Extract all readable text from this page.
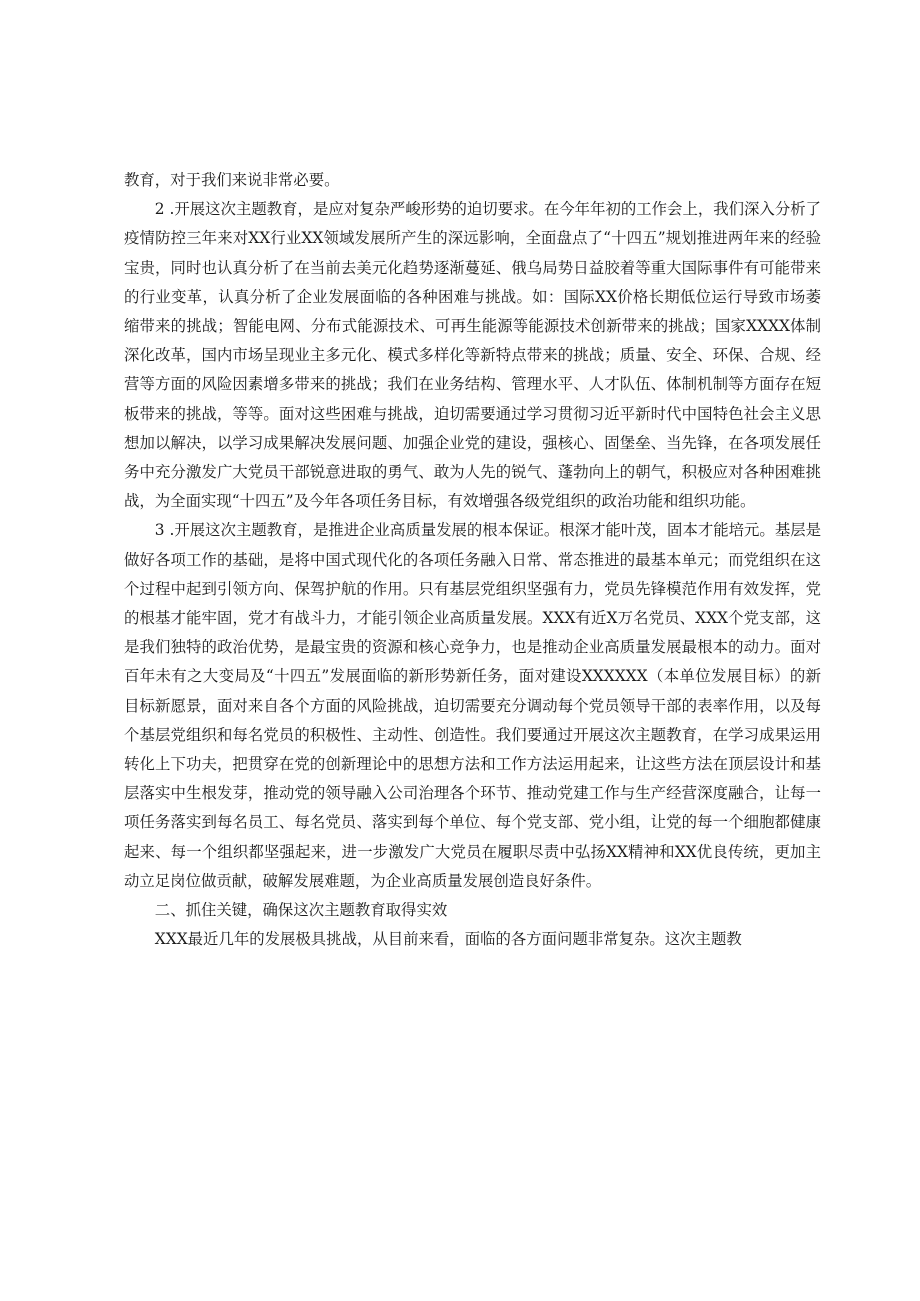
教育，对于我们来说非常必要。

2 .开展这次主题教育，是应对复杂严峻形势的迫切要求。在今年年初的工作会上，我们深入分析了疫情防控三年来对XX行业XX领域发展所产生的深远影响，全面盘点了“十四五”规划推进两年来的经验宝贵，同时也认真分析了在当前去美元化趋势逐渐蔓延、俄乌局势日益胶着等重大国际事件有可能带来的行业变革，认真分析了企业发展面临的各种困难与挑战。如：国际XX价格长期低位运行导致市场萎缩带来的挑战；智能电网、分布式能源技术、可再生能源等能源技术创新带来的挑战；国家XXXX体制深化改革，国内市场呈现业主多元化、模式多样化等新特点带来的挑战；质量、安全、环保、合规、经营等方面的风险因素增多带来的挑战；我们在业务结构、管理水平、人才队伍、体制机制等方面存在短板带来的挑战，等等。面对这些困难与挑战，迫切需要通过学习贯彻习近平新时代中国特色社会主义思想加以解决，以学习成果解决发展问题、加强企业党的建设，强核心、固堡垒、当先锋，在各项发展任务中充分激发广大党员干部锐意进取的勇气、敢为人先的锐气、蓬勃向上的朝气，积极应对各种困难挑战，为全面实现“十四五”及今年各项任务目标，有效增强各级党组织的政治功能和组织功能。

3 .开展这次主题教育，是推进企业高质量发展的根本保证。根深才能叶茂，固本才能培元。基层是做好各项工作的基础，是将中国式现代化的各项任务融入日常、常态推进的最基本单元；而党组织在这个过程中起到引领方向、保驾护航的作用。只有基层党组织坚强有力，党员先锋模范作用有效发挥，党的根基才能牢固，党才有战斗力，才能引领企业高质量发展。XXX有近X万名党员、XXX个党支部，这是我们独特的政治优势，是最宝贵的资源和核心竞争力，也是推动企业高质量发展最根本的动力。面对百年未有之大变局及“十四五”发展面临的新形势新任务，面对建设XXXXXX（本单位发展目标）的新目标新愿景，面对来自各个方面的风险挑战，迫切需要充分调动每个党员领导干部的表率作用，以及每个基层党组织和每名党员的积极性、主动性、创造性。我们要通过开展这次主题教育，在学习成果运用转化上下功夫，把贯穿在党的创新理论中的思想方法和工作方法运用起来，让这些方法在顶层设计和基层落实中生根发芽，推动党的领导融入公司治理各个环节、推动党建工作与生产经营深度融合，让每一项任务落实到每名员工、每名党员、落实到每个单位、每个党支部、党小组，让党的每一个细胞都健康起来、每一个组织都坚强起来，进一步激发广大党员在履职尽责中弘扬XX精神和XX优良传统，更加主动立足岗位做贡献，破解发展难题，为企业高质量发展创造良好条件。

二、抓住关键，确保这次主题教育取得实效

XXX最近几年的发展极具挑战，从目前来看，面临的各方面问题非常复杂。这次主题教
